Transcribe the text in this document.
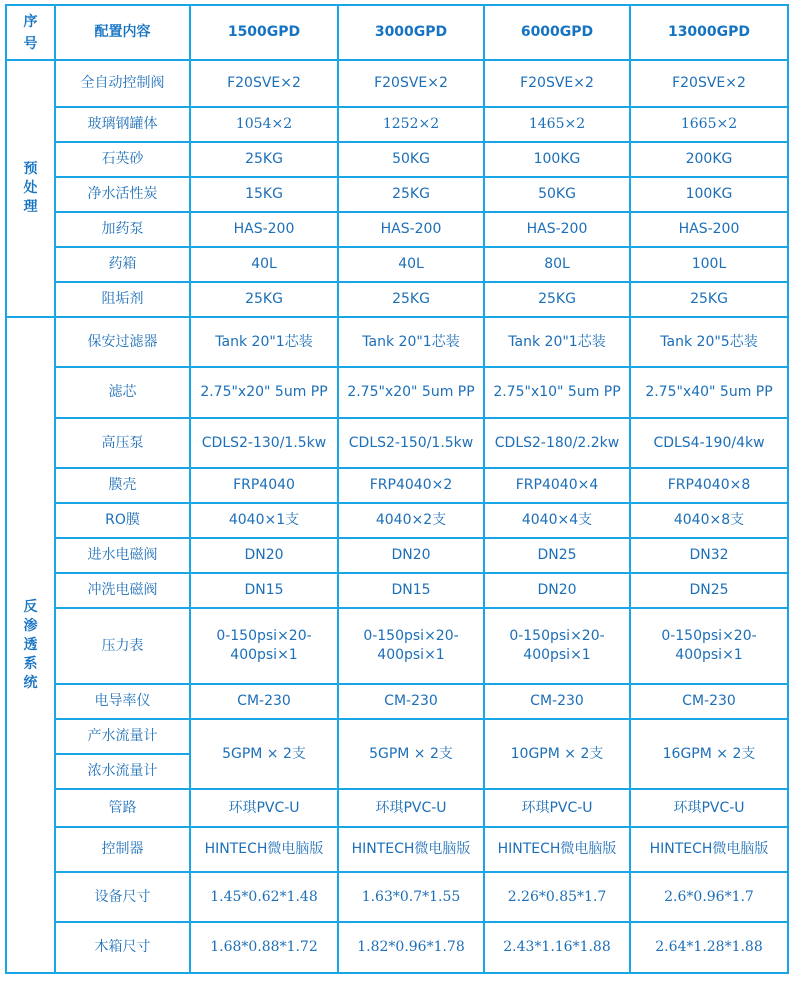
序
号	配置内容	1500GPD	3000GPD	6000GPD	13000GPD
预
处
理	全自动控制阀	F20SVE×2	F20SVE×2	F20SVE×2	F20SVE×2
	玻璃钢罐体	1054×2	1252×2	1465×2	1665×2
	石英砂	25KG	50KG	100KG	200KG
	净水活性炭	15KG	25KG	50KG	100KG
	加药泵	HAS-200	HAS-200	HAS-200	HAS-200
	药箱	40L	40L	80L	100L
	阻垢剂	25KG	25KG	25KG	25KG
反
渗
透
系
统	保安过滤器	Tank 20"1芯装	Tank 20"1芯装	Tank 20"1芯装	Tank 20"5芯装
	滤芯	2.75"x20" 5um PP	2.75"x20" 5um PP	2.75"x10" 5um PP	2.75"x40" 5um PP
	高压泵	CDLS2-130/1.5kw	CDLS2-150/1.5kw	CDLS2-180/2.2kw	CDLS4-190/4kw
	膜壳	FRP4040	FRP4040×2	FRP4040×4	FRP4040×8
	RO膜	4040×1支	4040×2支	4040×4支	4040×8支
	进水电磁阀	DN20	DN20	DN25	DN32
	冲洗电磁阀	DN15	DN15	DN20	DN25
	压力表	0-150psi×20-400psi×1	0-150psi×20-400psi×1	0-150psi×20-400psi×1	0-150psi×20-400psi×1
	电导率仪	CM-230	CM-230	CM-230	CM-230
	产水流量计	5GPM × 2支	5GPM × 2支	10GPM × 2支	16GPM × 2支
	浓水流量计				
	管路	环琪PVC-U	环琪PVC-U	环琪PVC-U	环琪PVC-U
	控制器	HINTECH微电脑版	HINTECH微电脑版	HINTECH微电脑版	HINTECH微电脑版
	设备尺寸	1.45*0.62*1.48	1.63*0.7*1.55	2.26*0.85*1.7	2.6*0.96*1.7
	木箱尺寸	1.68*0.88*1.72	1.82*0.96*1.78	2.43*1.16*1.88	2.64*1.28*1.88
